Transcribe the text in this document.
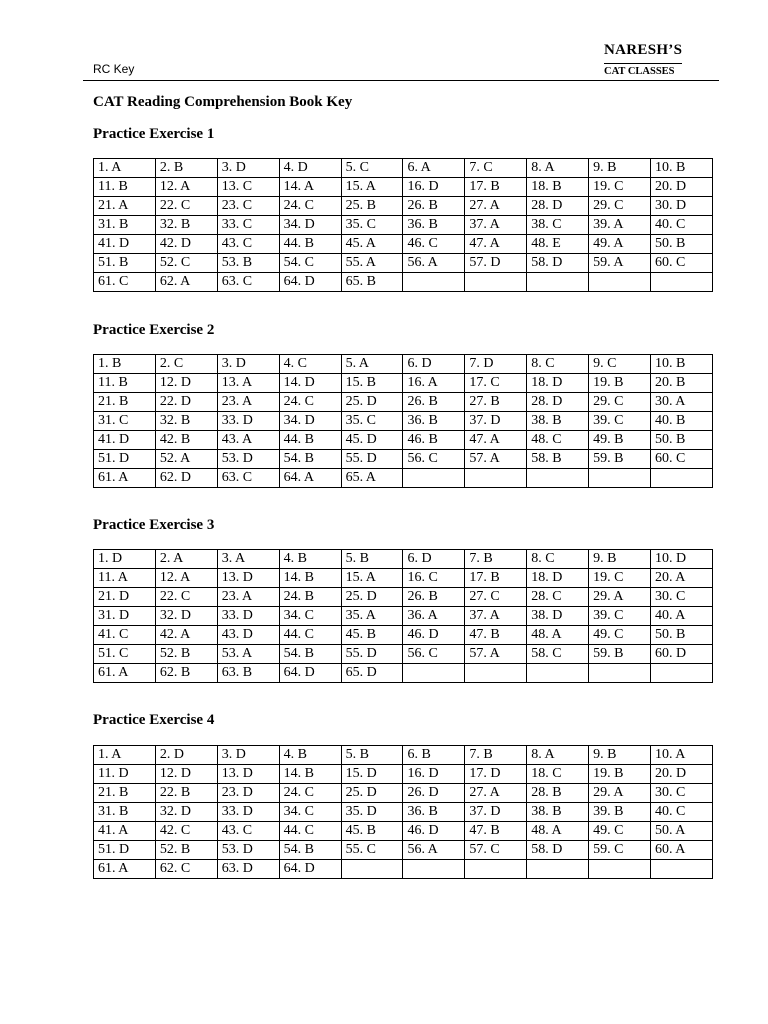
RC Key
NARESH’S
CAT CLASSES
CAT Reading Comprehension Book Key
Practice Exercise 1
1. A	2. B	3. D	4. D	5. C	6. A	7. C	8. A	9. B	10. B
11. B	12. A	13. C	14. A	15. A	16. D	17. B	18. B	19. C	20. D
21. A	22. C	23. C	24. C	25. B	26. B	27. A	28. D	29. C	30. D
31. B	32. B	33. C	34. D	35. C	36. B	37. A	38. C	39. A	40. C
41. D	42. D	43. C	44. B	45. A	46. C	47. A	48. E	49. A	50. B
51. B	52. C	53. B	54. C	55. A	56. A	57. D	58. D	59. A	60. C
61. C	62. A	63. C	64. D	65. B					
Practice Exercise 2
1. B	2. C	3. D	4. C	5. A	6. D	7. D	8. C	9. C	10. B
11. B	12. D	13. A	14. D	15. B	16. A	17. C	18. D	19. B	20. B
21. B	22. D	23. A	24. C	25. D	26. B	27. B	28. D	29. C	30. A
31. C	32. B	33. D	34. D	35. C	36. B	37. D	38. B	39. C	40. B
41. D	42. B	43. A	44. B	45. D	46. B	47. A	48. C	49. B	50. B
51. D	52. A	53. D	54. B	55. D	56. C	57. A	58. B	59. B	60. C
61. A	62. D	63. C	64. A	65. A					
Practice Exercise 3
1. D	2. A	3. A	4. B	5. B	6. D	7. B	8. C	9. B	10. D
11. A	12. A	13. D	14. B	15. A	16. C	17. B	18. D	19. C	20. A
21. D	22. C	23. A	24. B	25. D	26. B	27. C	28. C	29. A	30. C
31. D	32. D	33. D	34. C	35. A	36. A	37. A	38. D	39. C	40. A
41. C	42. A	43. D	44. C	45. B	46. D	47. B	48. A	49. C	50. B
51. C	52. B	53. A	54. B	55. D	56. C	57. A	58. C	59. B	60. D
61. A	62. B	63. B	64. D	65. D					
Practice Exercise 4
1. A	2. D	3. D	4. B	5. B	6. B	7. B	8. A	9. B	10. A
11. D	12. D	13. D	14. B	15. D	16. D	17. D	18. C	19. B	20. D
21. B	22. B	23. D	24. C	25. D	26. D	27. A	28. B	29. A	30. C
31. B	32. D	33. D	34. C	35. D	36. B	37. D	38. B	39. B	40. C
41. A	42. C	43. C	44. C	45. B	46. D	47. B	48. A	49. C	50. A
51. D	52. B	53. D	54. B	55. C	56. A	57. C	58. D	59. C	60. A
61. A	62. C	63. D	64. D						
